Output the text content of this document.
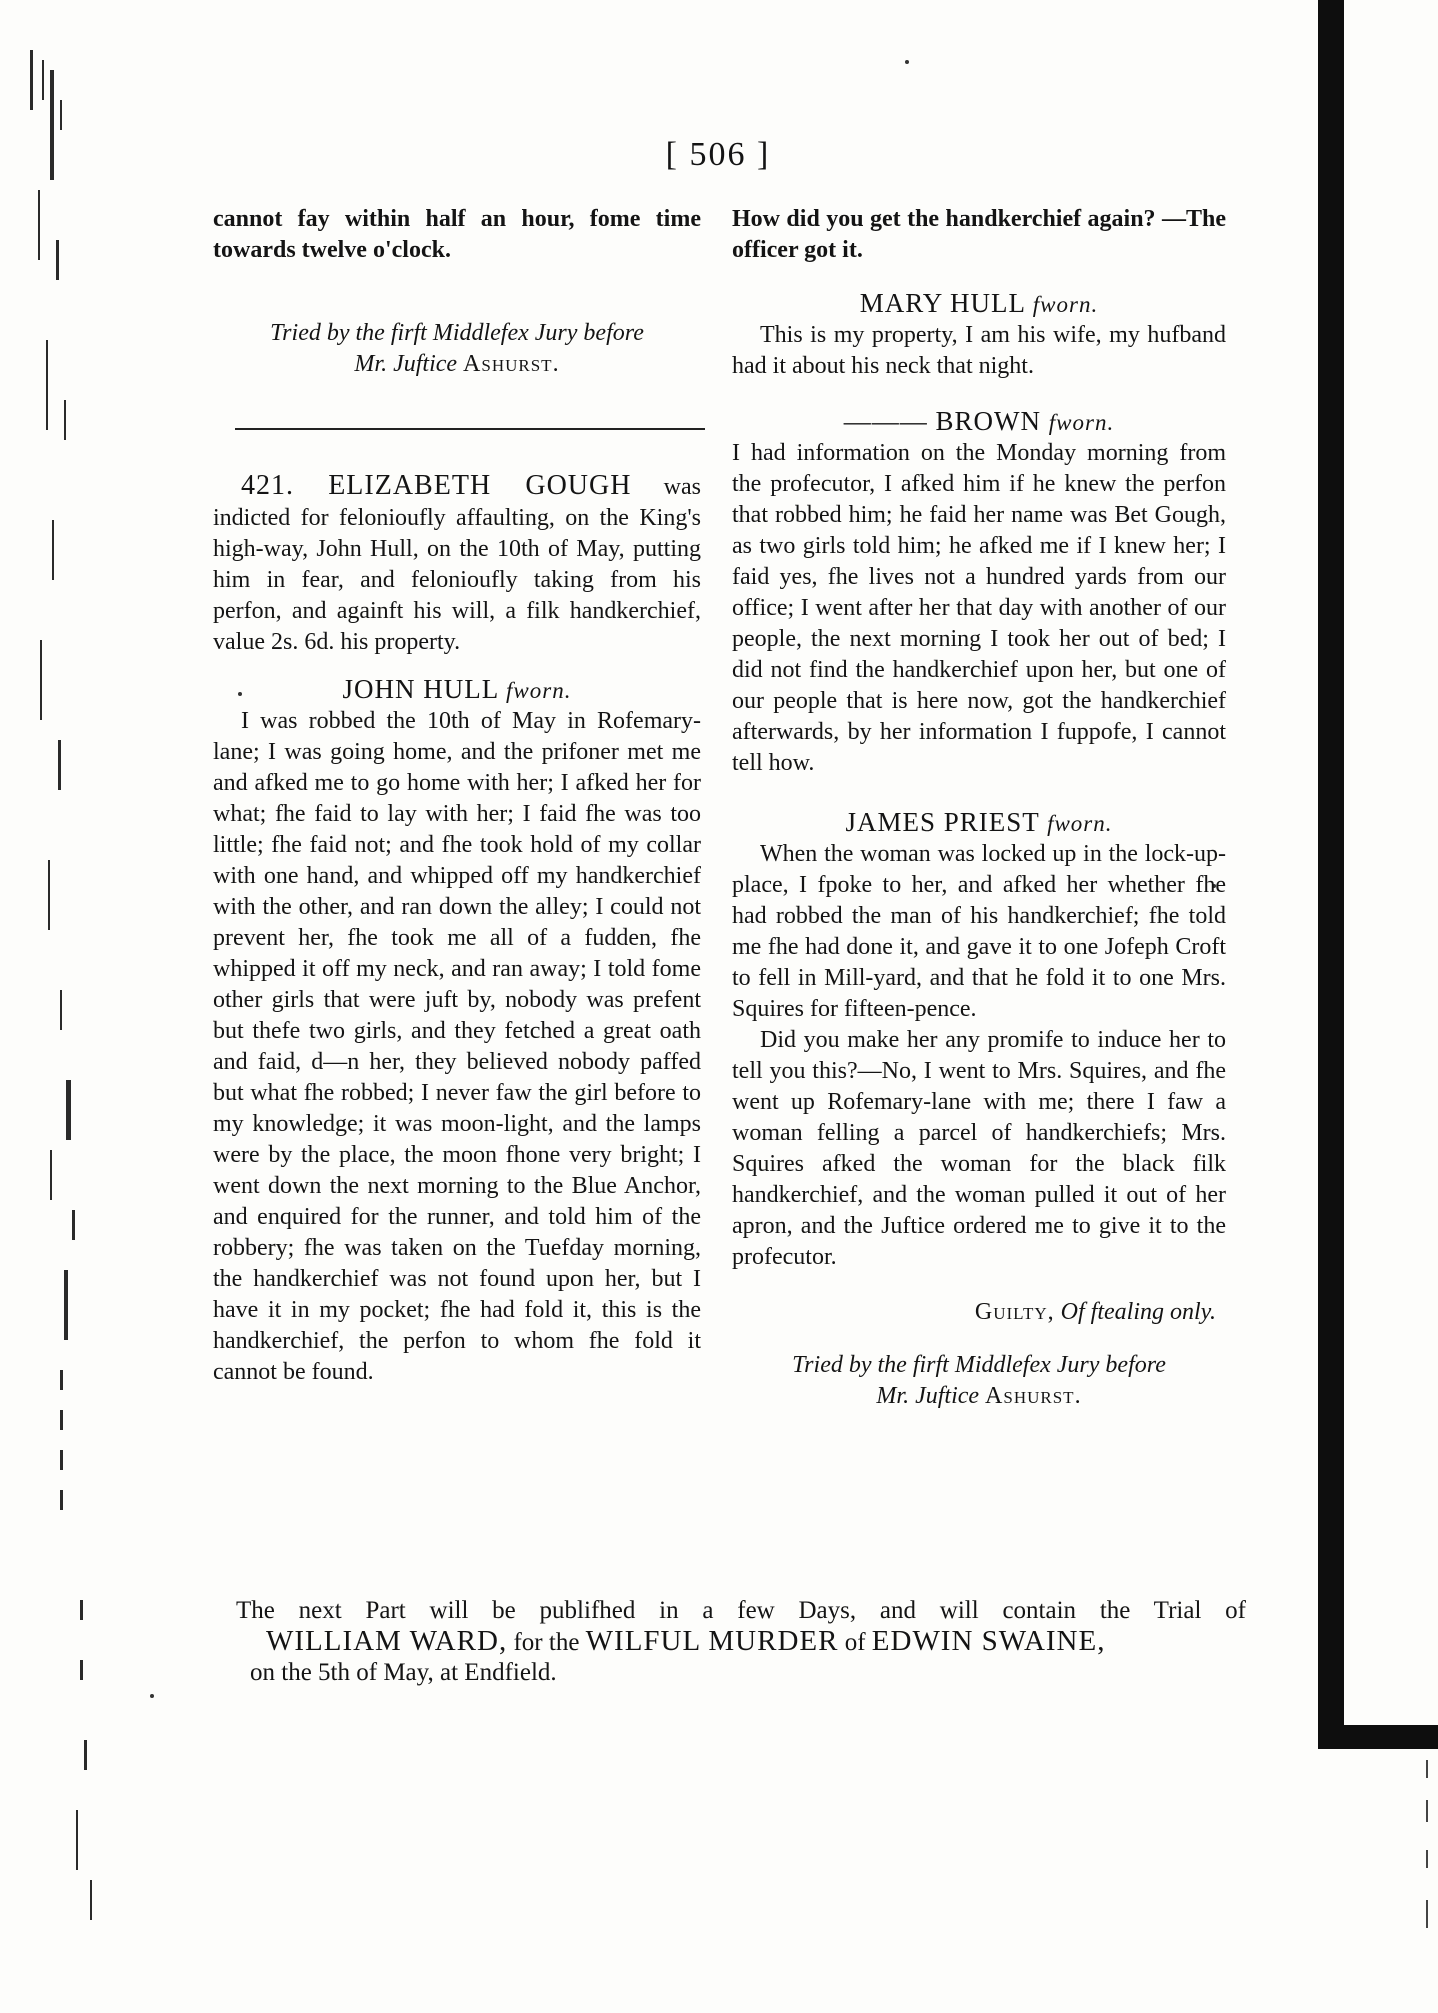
[ 506 ]

cannot fay within half an hour, fome time towards twelve o'clock.

Tried by the firft Middlefex Jury before
Mr. Juftice Ashurst.

421. ELIZABETH GOUGH was indicted for felonioufly affaulting, on the King's high-way, John Hull, on the 10th of May, putting him in fear, and felonioufly taking from his perfon, and againft his will, a filk handkerchief, value 2s. 6d. his property.

JOHN HULL fworn.

I was robbed the 10th of May in Rofemary-lane; I was going home, and the prifoner met me and afked me to go home with her; I afked her for what; fhe faid to lay with her; I faid fhe was too little; fhe faid not; and fhe took hold of my collar with one hand, and whipped off my handkerchief with the other, and ran down the alley; I could not prevent her, fhe took me all of a fudden, fhe whipped it off my neck, and ran away; I told fome other girls that were juft by, nobody was prefent but thefe two girls, and they fetched a great oath and faid, d—n her, they believed nobody paffed but what fhe robbed; I never faw the girl before to my knowledge; it was moon-light, and the lamps were by the place, the moon fhone very bright; I went down the next morning to the Blue Anchor, and enquired for the runner, and told him of the robbery; fhe was taken on the Tuefday morning, the handkerchief was not found upon her, but I have it in my pocket; fhe had fold it, this is the handkerchief, the perfon to whom fhe fold it cannot be found.

How did you get the handkerchief again? —The officer got it.

MARY HULL fworn.

This is my property, I am his wife, my hufband had it about his neck that night.

——— BROWN fworn.

I had information on the Monday morning from the profecutor, I afked him if he knew the perfon that robbed him; he faid her name was Bet Gough, as two girls told him; he afked me if I knew her; I faid yes, fhe lives not a hundred yards from our office; I went after her that day with another of our people, the next morning I took her out of bed; I did not find the handkerchief upon her, but one of our people that is here now, got the handkerchief afterwards, by her information I fuppofe, I cannot tell how.

JAMES PRIEST fworn.

When the woman was locked up in the lock-up-place, I fpoke to her, and afked her whether fhe had robbed the man of his handkerchief; fhe told me fhe had done it, and gave it to one Jofeph Croft to fell in Mill-yard, and that he fold it to one Mrs. Squires for fifteen-pence.

Did you make her any promife to induce her to tell you this?—No, I went to Mrs. Squires, and fhe went up Rofemary-lane with me; there I faw a woman felling a parcel of handkerchiefs; Mrs. Squires afked the woman for the black filk handkerchief, and the woman pulled it out of her apron, and the Juftice ordered me to give it to the profecutor.

Guilty, Of ftealing only.

Tried by the firft Middlefex Jury before
Mr. Juftice Ashurst.

The next Part will be publifhed in a few Days, and will contain the Trial of
WILLIAM WARD, for the WILFUL MURDER of EDWIN SWAINE,
on the 5th of May, at Endfield.
